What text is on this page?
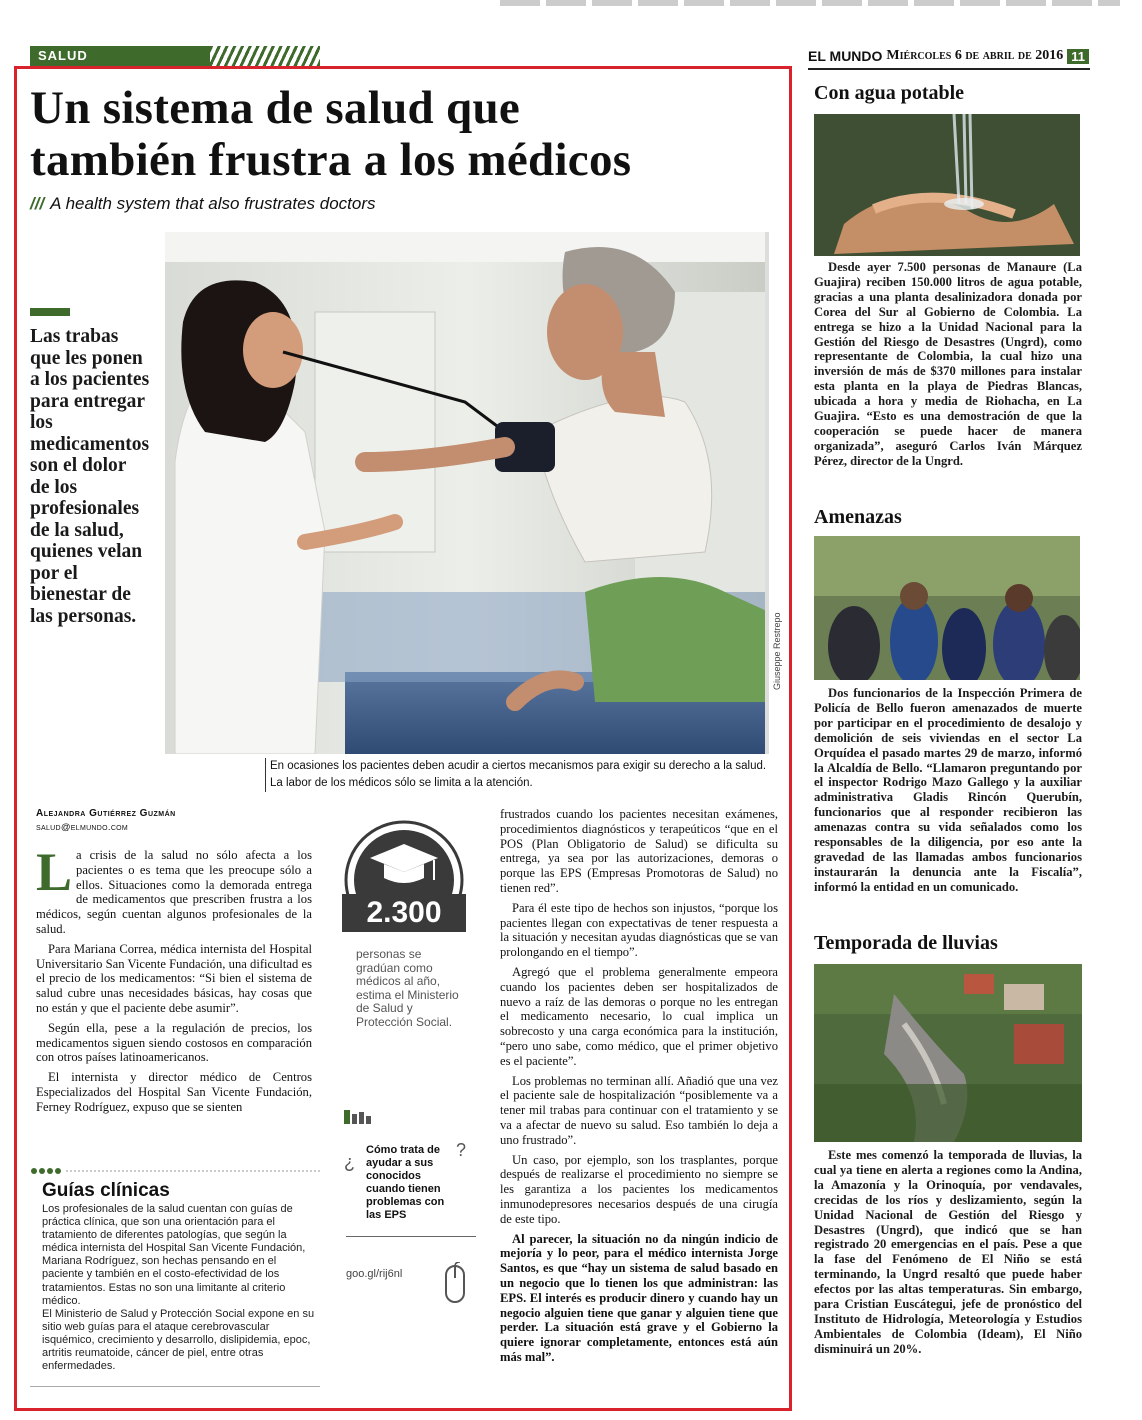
SALUD	EL MUNDO Miércoles 6 de abril de 2016 11
Un sistema de salud que
también frustra a los médicos
/// A health system that also frustrates doctors
Giuseppe Restrepo
En ocasiones los pacientes deben acudir a ciertos mecanismos para exigir su derecho a la salud. La labor de los médicos sólo se limita a la atención.
Las trabas que les ponen a los pacientes para entregar los medicamentos son el dolor de los profesionales de la salud, quienes velan por el bienestar de las personas.
Alejandra Gutiérrez Guzmán
salud@elmundo.com

La crisis de la salud no sólo afecta a los pacientes o es tema que les preocupe sólo a ellos. Situaciones como la demorada entrega de medicamentos que prescriben frustra a los médicos, según cuentan algunos profesionales de la salud.

Para Mariana Correa, médica internista del Hospital Universitario San Vicente Fundación, una dificultad es el precio de los medicamentos: “Si bien el sistema de salud cubre unas necesidades básicas, hay cosas que no están y que el paciente debe asumir”.

Según ella, pese a la regulación de precios, los medicamentos siguen siendo costosos en comparación con otros países latinoamericanos.

El internista y director médico de Centros Especializados del Hospital San Vicente Fundación, Ferney Rodríguez, expuso que se sienten

2.300
personas se gradúan como médicos al año, estima el Ministerio de Salud y Protección Social.
¿
Cómo trata de ayudar a sus conocidos cuando tienen problemas con las EPS
?
goo.gl/rij6nl

frustrados cuando los pacientes necesitan exámenes, procedimientos diagnósticos y terapeúticos “que en el POS (Plan Obligatorio de Salud) se dificulta su entrega, ya sea por las autorizaciones, demoras o porque las EPS (Empresas Promotoras de Salud) no tienen red”.

Para él este tipo de hechos son injustos, “porque los pacientes llegan con expectativas de tener respuesta a la situación y necesitan ayudas diagnósticas que se van prolongando en el tiempo”.

Agregó que el problema generalmente empeora cuando los pacientes deben ser hospitalizados de nuevo a raíz de las demoras o porque no les entregan el medicamento necesario, lo cual implica un sobrecosto y una carga económica para la institución, “pero uno sabe, como médico, que el primer objetivo es el paciente”.

Los problemas no terminan allí. Añadió que una vez el paciente sale de hospitalización “posiblemente va a tener mil trabas para continuar con el tratamiento y se va a afectar de nuevo su salud. Eso también lo deja a uno frustrado”.

Un caso, por ejemplo, son los trasplantes, porque después de realizarse el procedimiento no siempre se les garantiza a los pacientes los medicamentos inmunodepresores necesarios después de una cirugía de este tipo.

Al parecer, la situación no da ningún indicio de mejoría y lo peor, para el médico internista Jorge Santos, es que “hay un sistema de salud basado en un negocio que lo tienen los que administran: las EPS. El interés es producir dinero y cuando hay un negocio alguien tiene que ganar y alguien tiene que perder. La situación está grave y el Gobierno la quiere ignorar completamente, entonces está aún más mal”.

Guías clínicas

Los profesionales de la salud cuentan con guías de práctica clínica, que son una orientación para el tratamiento de diferentes patologías, que según la médica internista del Hospital San Vicente Fundación, Mariana Rodríguez, son hechas pensando en el paciente y también en el costo-efectividad de los tratamientos. Estas no son una limitante al criterio médico.

El Ministerio de Salud y Protección Social expone en su sitio web guías para el ataque cerebrovascular isquémico, crecimiento y desarrollo, dislipidemia, epoc, artritis reumatoide, cáncer de piel, entre otras enfermedades.

Con agua potable

Desde ayer 7.500 personas de Manaure (La Guajira) reciben 150.000 litros de agua potable, gracias a una planta desalinizadora donada por Corea del Sur al Gobierno de Colombia. La entrega se hizo a la Unidad Nacional para la Gestión del Riesgo de Desastres (Ungrd), como representante de Colombia, la cual hizo una inversión de más de $370 millones para instalar esta planta en la playa de Piedras Blancas, ubicada a hora y media de Riohacha, en La Guajira. “Esto es una demostración de que la cooperación se puede hacer de manera organizada”, aseguró Carlos Iván Márquez Pérez, director de la Ungrd.

Amenazas

Dos funcionarios de la Inspección Primera de Policía de Bello fueron amenazados de muerte por participar en el procedimiento de desalojo y demolición de seis viviendas en el sector La Orquídea el pasado martes 29 de marzo, informó la Alcaldía de Bello. “Llamaron preguntando por el inspector Rodrigo Mazo Gallego y la auxiliar administrativa Gladis Rincón Querubín, funcionarios que al responder recibieron las amenazas contra su vida señalados como los responsables de la diligencia, por eso ante la gravedad de las llamadas ambos funcionarios instaurarán la denuncia ante la Fiscalía”, informó la entidad en un comunicado.

Temporada de lluvias

Este mes comenzó la temporada de lluvias, la cual ya tiene en alerta a regiones como la Andina, la Amazonía y la Orinoquía, por vendavales, crecidas de los ríos y deslizamiento, según la Unidad Nacional de Gestión del Riesgo y Desastres (Ungrd), que indicó que se han registrado 20 emergencias en el país. Pese a que la fase del Fenómeno de El Niño se está terminando, la Ungrd resaltó que puede haber efectos por las altas temperaturas. Sin embargo, para Cristian Euscátegui, jefe de pronóstico del Instituto de Hidrología, Meteorología y Estudios Ambientales de Colombia (Ideam), El Niño disminuirá un 20%.
